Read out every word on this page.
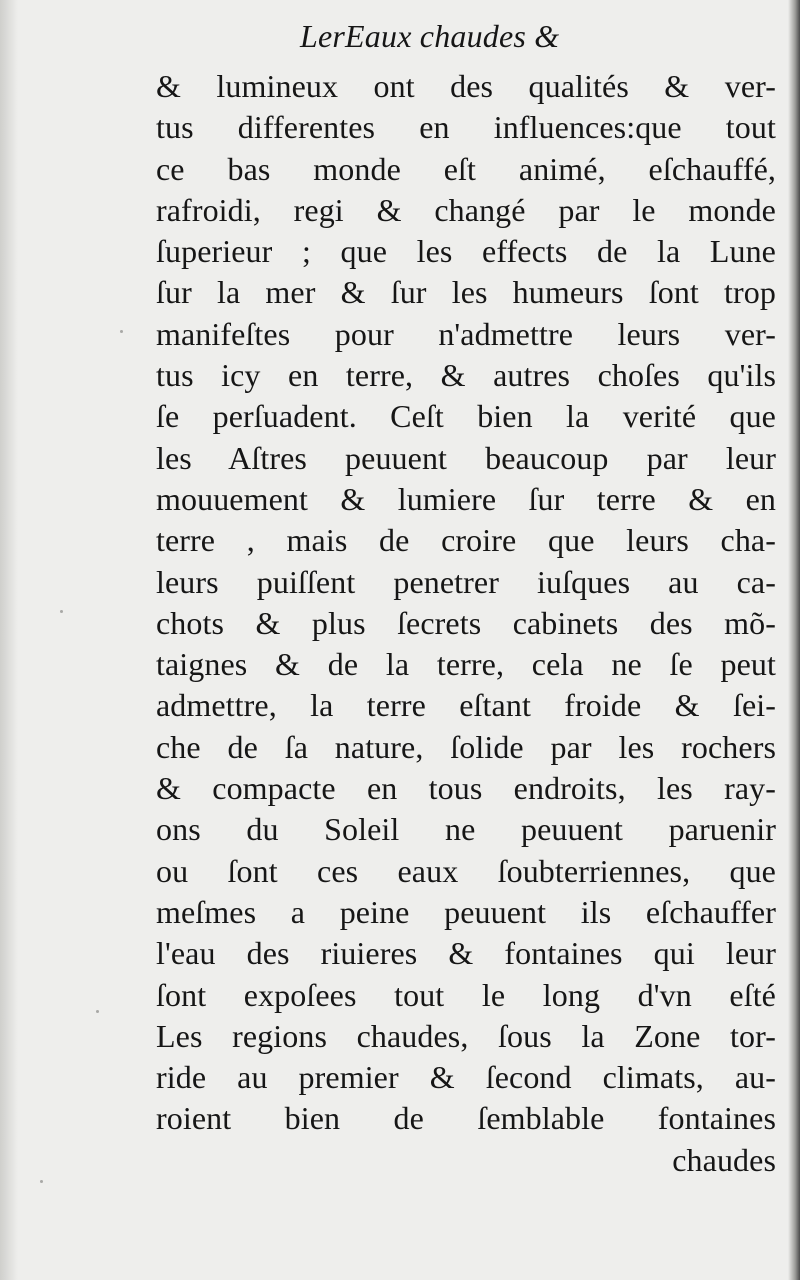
LerEaux chaudes &
& lumineux ont des qualités & ver-
tus differentes en influences:que tout
ce bas monde eſt animé, eſchauffé,
rafroidi, regi & changé par le monde
ſuperieur ; que les effects de la Lune
ſur la mer & ſur les humeurs ſont trop
manifeſtes pour n'admettre leurs ver-
tus icy en terre, & autres choſes qu'ils
ſe perſuadent. Ceſt bien la verité que
les Aſtres peuuent beaucoup par leur
mouuement & lumiere ſur terre & en
terre , mais de croire que leurs cha-
leurs puiſſent penetrer iuſques au ca-
chots & plus ſecrets cabinets des mõ-
taignes & de la terre, cela ne ſe peut
admettre, la terre eſtant froide & ſei-
che de ſa nature, ſolide par les rochers
& compacte en tous endroits, les ray-
ons du Soleil ne peuuent paruenir
ou ſont ces eaux ſoubterriennes, que
meſmes a peine peuuent ils eſchauffer
l'eau des riuieres & fontaines qui leur
ſont expoſees tout le long d'vn eſté
Les regions chaudes, ſous la Zone tor-
ride au premier & ſecond climats, au-
roient bien de ſemblable fontaines
chaudes
